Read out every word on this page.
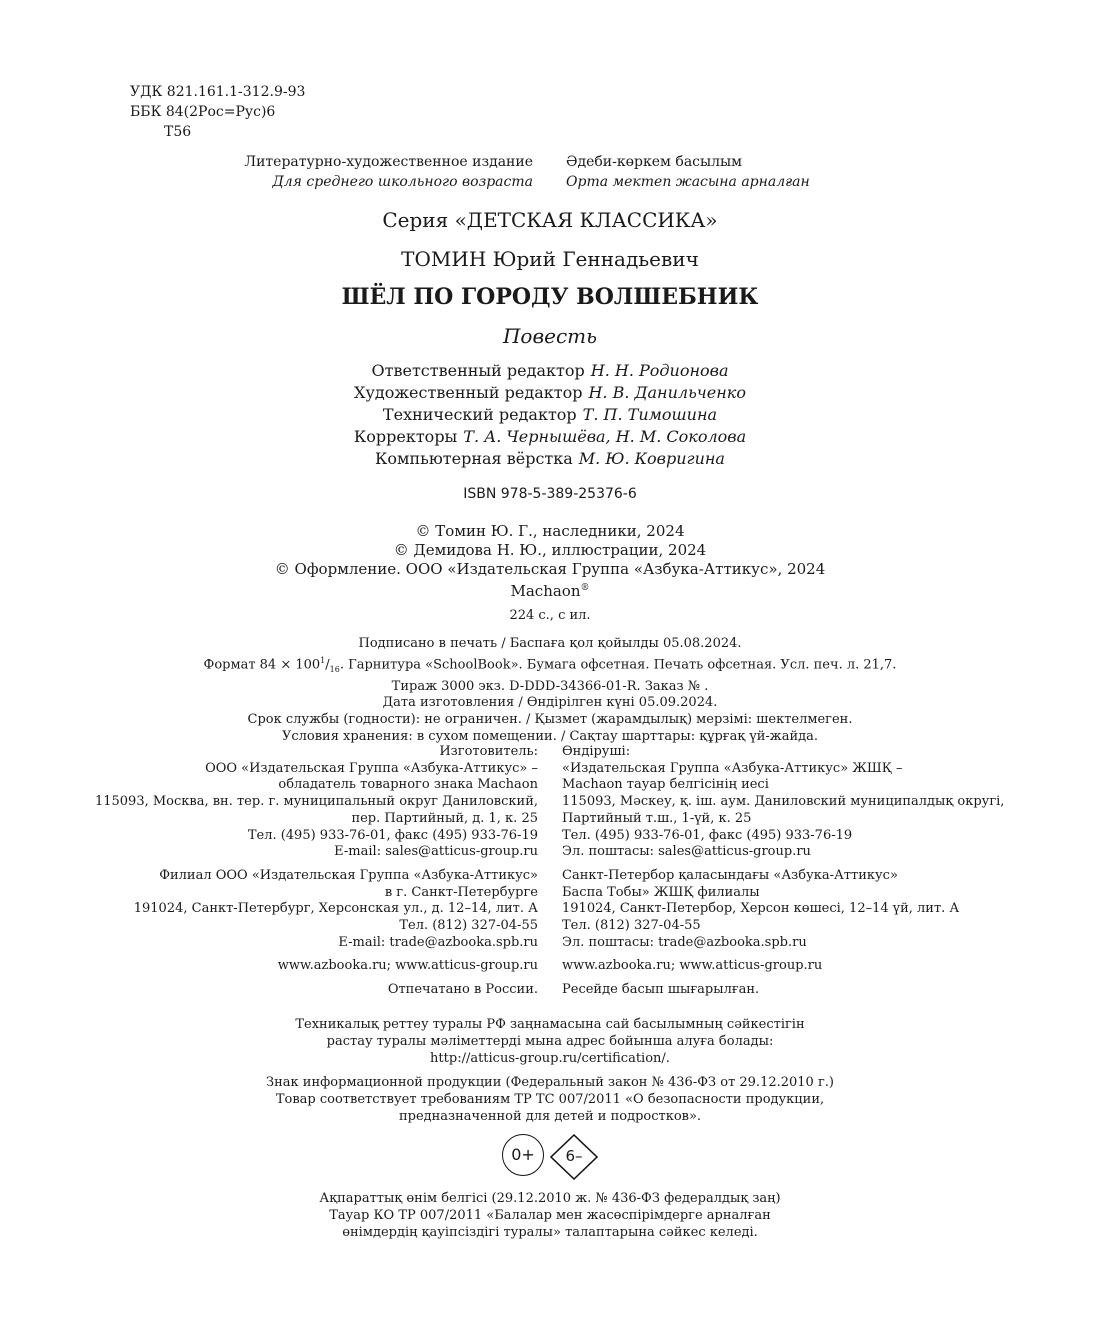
УДК 821.161.1-312.9-93
ББК 84(2Рос=Рус)6
Т56
Литературно-художественное издание
Для среднего школьного возраста
Әдеби-көркем басылым
Орта мектеп жасына арналған
Серия «ДЕТСКАЯ КЛАССИКА»
ТОМИН Юрий Геннадьевич
ШЁЛ ПО ГОРОДУ ВОЛШЕБНИК
Повесть
Ответственный редактор Н. Н. Родионова
Художественный редактор Н. В. Данильченко
Технический редактор Т. П. Тимошина
Корректоры Т. А. Чернышёва, Н. М. Соколова
Компьютерная вёрстка М. Ю. Ковригина
ISBN 978-5-389-25376-6
© Томин Ю. Г., наследники, 2024
© Демидова Н. Ю., иллюстрации, 2024
© Оформление. ООО «Издательская Группа «Азбука-Аттикус», 2024
Machaon®
224 с., с ил.
Подписано в печать / Баспаға қол қойылды 05.08.2024.
Формат $84 \times 100^1/_{16}$. Гарнитура «SchoolBook». Бумага офсетная. Печать офсетная. Усл. печ. л. 21,7.
Тираж 3000 экз. D-DDD-34366-01-R. Заказ № .
Дата изготовления / Өндірілген күні 05.09.2024.
Срок службы (годности): не ограничен. / Қызмет (жарамдылық) мерзімі: шектелмеген.
Условия хранения: в сухом помещении. / Сақтау шарттары: құрғақ үй-жайда.
Изготовитель:
ООО «Издательская Группа «Азбука-Аттикус» –
обладатель товарного знака Machaon
115093, Москва, вн. тер. г. муниципальный округ Даниловский,
пер. Партийный, д. 1, к. 25
Тел. (495) 933-76-01, факс (495) 933-76-19
E-mail: sales@atticus-group.ru
Өндіруші:
«Издательская Группа «Азбука-Аттикус» ЖШҚ –
Machaon тауар белгісінің иесі
115093, Мәскеу, қ. іш. аум. Даниловский муниципалдық округі,
Партийный т.ш., 1-үй, к. 25
Тел. (495) 933-76-01, факс (495) 933-76-19
Эл. поштасы: sales@atticus-group.ru
Филиал ООО «Издательская Группа «Азбука-Аттикус»
в г. Санкт-Петербурге
191024, Санкт-Петербург, Херсонская ул., д. 12–14, лит. А
Тел. (812) 327-04-55
E-mail: trade@azbooka.spb.ru
Санкт-Петербор қаласындағы «Азбука-Аттикус»
Баспа Тобы» ЖШҚ филиалы
191024, Санкт-Петербор, Херсон көшесі, 12–14 үй, лит. А
Тел. (812) 327-04-55
Эл. поштасы: trade@azbooka.spb.ru
www.azbooka.ru; www.atticus-group.ru www.azbooka.ru; www.atticus-group.ru
Отпечатано в России. Ресейде басып шығарылған.
Техникалық реттеу туралы РФ заңнамасына сай басылымның сәйкестігін
растау туралы мәліметтерді мына адрес бойынша алуға болады:
http://atticus-group.ru/certification/.
Знак информационной продукции (Федеральный закон № 436-ФЗ от 29.12.2010 г.)
Товар соответствует требованиям ТР ТС 007/2011 «О безопасности продукции,
предназначенной для детей и подростков».
0+	6–
Ақпараттық өнім белгісі (29.12.2010 ж. № 436-ФЗ федералдық заң)
Тауар КО ТР 007/2011 «Балалар мен жасөспірімдерге арналған
өнімдердің қауіпсіздігі туралы» талаптарына сәйкес келеді.
